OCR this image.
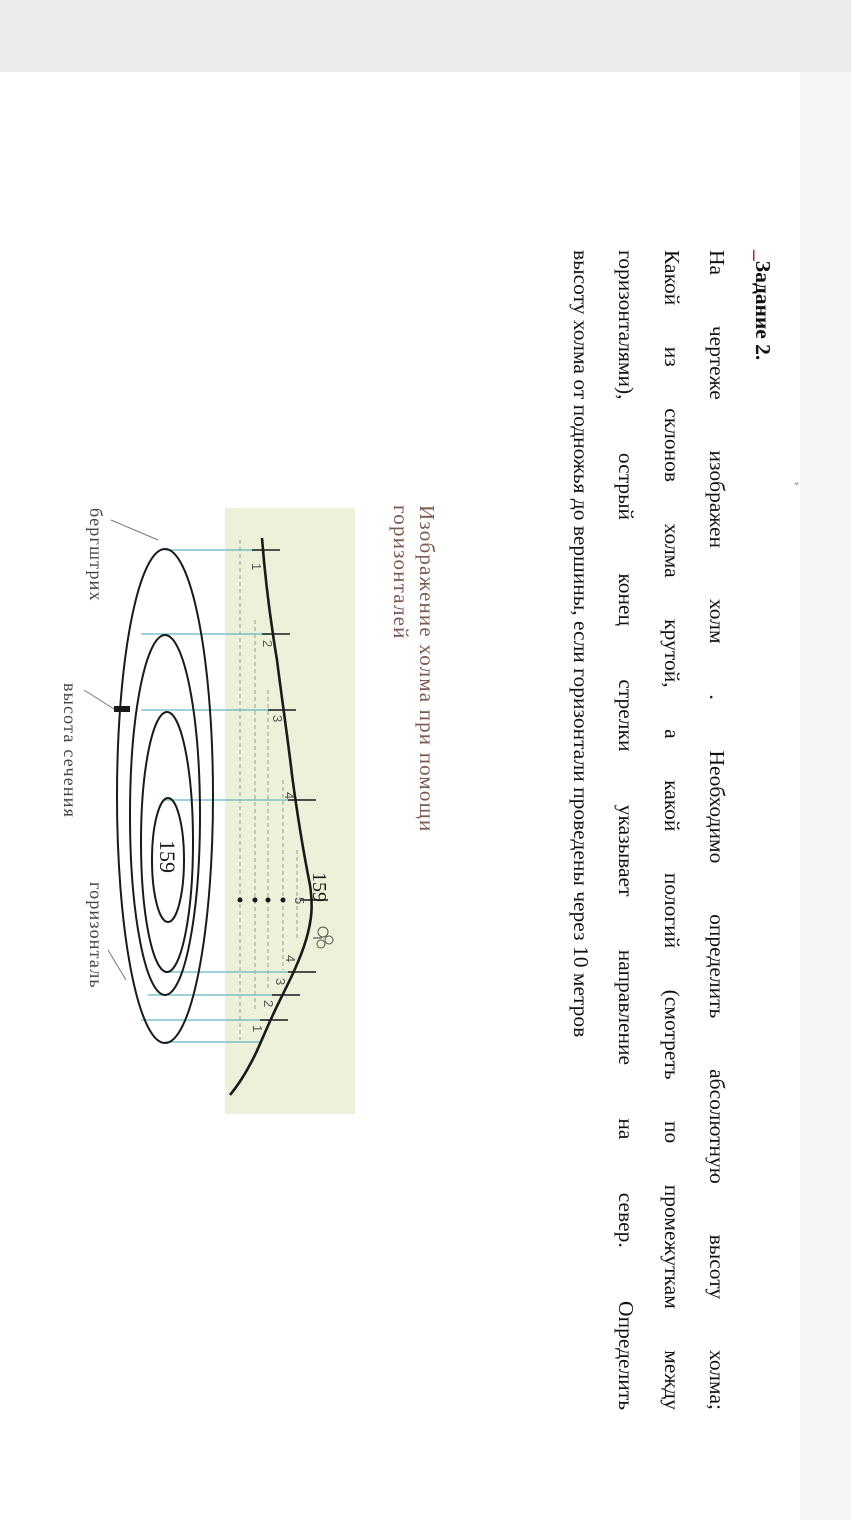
ˇ
_Задание 2.
На чертеже изображен холм . Необходимо определить абсолютную высоту холма;
Какой из склонов холма крутой, а какой пологий (смотреть по промежуткам между
горизонталями), острый конец стрелки указывает направление на север. Определить
высоту холма от подножья до вершины, если горизонтали проведены через 10 метров
Изображение холма при помощи
горизонталей
1
2
3
4
5
4
3
2
1
159
159
бергштрих
высота сечения
горизонталь
